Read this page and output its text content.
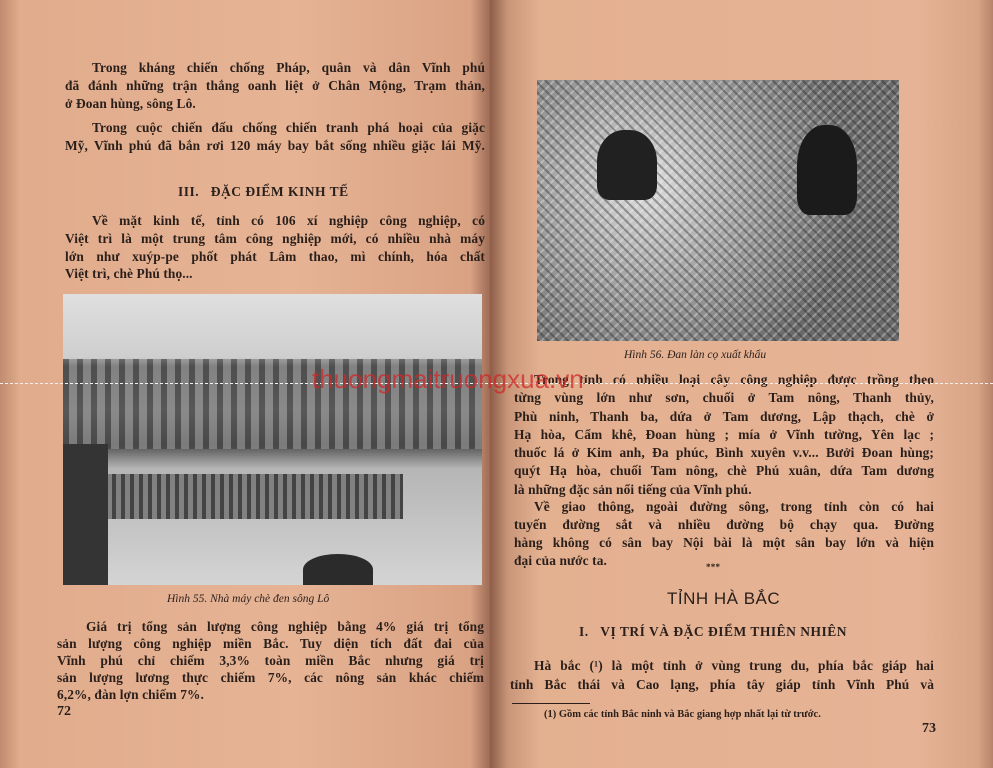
Trong kháng chiến chống Pháp, quân và dân Vĩnh phú
đã đánh những trận thắng oanh liệt ở Chân Mộng, Trạm thản,
ở Đoan hùng, sông Lô.
Trong cuộc chiến đấu chống chiến tranh phá hoại của giặc
Mỹ, Vĩnh phú đã bắn rơi 120 máy bay bắt sống nhiều giặc lái Mỹ.
III. ĐẶC ĐIỂM KINH TẾ
Về mặt kinh tế, tỉnh có 106 xí nghiệp công nghiệp, có
Việt trì là một trung tâm công nghiệp mới, có nhiều nhà máy
lớn như xuýp-pe phốt phát Lâm thao, mì chính, hóa chất
Việt trì, chè Phú thọ...
Hình 55. Nhà máy chè đen sông Lô
Giá trị tổng sản lượng công nghiệp bằng 4% giá trị tổng
sản lượng công nghiệp miền Bắc. Tuy diện tích đất đai của
Vĩnh phú chỉ chiếm 3,3% toàn miền Bắc nhưng giá trị
sản lượng lương thực chiếm 7%, các nông sản khác chiếm
6,2%, đàn lợn chiếm 7%.
72
Hình 56. Đan làn cọ xuất khẩu
Trong tỉnh có nhiều loại cây công nghiệp được trồng theo
từng vùng lớn như sơn, chuối ở Tam nông, Thanh thủy,
Phù ninh, Thanh ba, dứa ở Tam dương, Lập thạch, chè ở
Hạ hòa, Cẩm khê, Đoan hùng ; mía ở Vĩnh tường, Yên lạc ;
thuốc lá ở Kim anh, Đa phúc, Bình xuyên v.v... Bưởi Đoan hùng;
quýt Hạ hòa, chuối Tam nông, chè Phú xuân, dứa Tam dương
là những đặc sản nổi tiếng của Vĩnh phú.
Về giao thông, ngoài đường sông, trong tỉnh còn có hai
tuyến đường sắt và nhiều đường bộ chạy qua. Đường
hàng không có sân bay Nội bài là một sân bay lớn và hiện
đại của nước ta.	* * *
TỈNH HÀ BẮC
I. VỊ TRÍ VÀ ĐẶC ĐIỂM THIÊN NHIÊN
Hà bắc (¹) là một tỉnh ở vùng trung du, phía bắc giáp hai
tỉnh Bắc thái và Cao lạng, phía tây giáp tỉnh Vĩnh Phú và
(1) Gồm các tỉnh Bắc ninh và Bắc giang hợp nhất lại từ trước.
73
thuongmaitruongxua.vn
